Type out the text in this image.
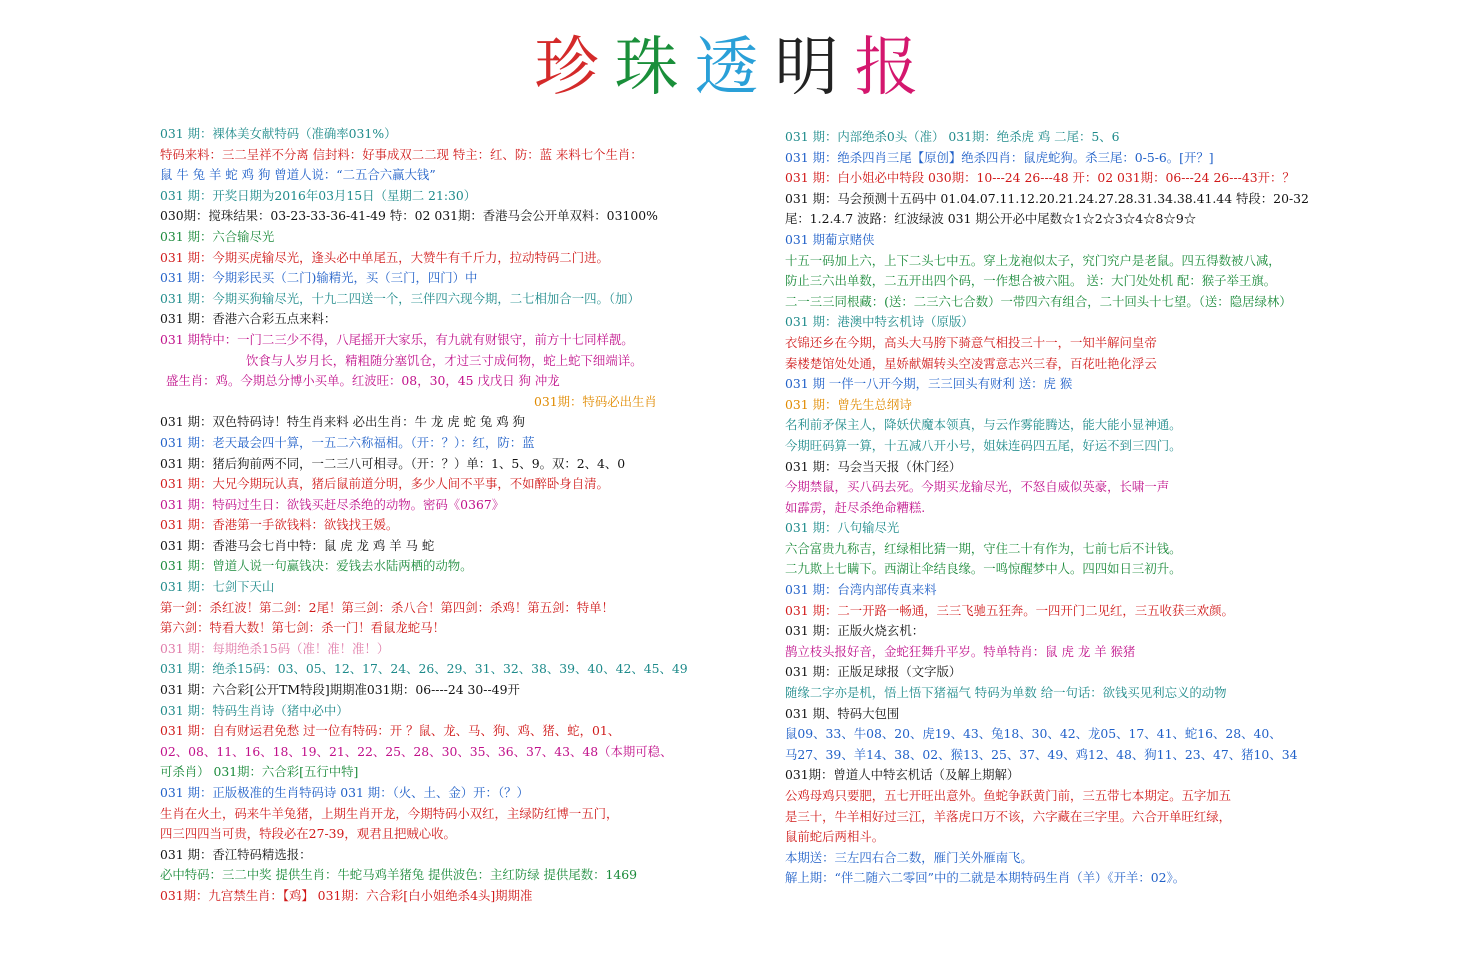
珍 珠 透 明 报
031 期：裸体美女献特码（准确率031%）
特码来料：三二呈祥不分离 信封料：好事成双二二现 特主：红、防：蓝 来料七个生肖：
鼠 牛 兔 羊 蛇 鸡 狗 曾道人说：“二五合六赢大钱”
031 期：开奖日期为2016年03月15日（星期二 21:30）
030期：搅珠结果：03-23-33-36-41-49 特：02 031期：香港马会公开单双料：03100%
031 期：六合输尽光
031 期：今期买虎输尽光，逢头必中单尾五，大赞牛有千斤力，拉动特码二门进。
031 期：今期彩民买（二门)输精光，买（三门，四门）中
031 期：今期买狗输尽光，十九二四送一个，三伴四六现今期，二七相加合一四。（加）
031 期：香港六合彩五点来料：
031 期特中：一门二三少不得，八尾摇开大家乐，有九就有财银守，前方十七同样靓。
饮食与人岁月长，精粗随分塞饥仓，才过三寸成何物，蛇上蛇下细端详。
盛生肖：鸡。今期总分博小买单。红波旺：08，30，45 戊戊日 狗 冲龙
031期：特码必出生肖
031 期：双色特码诗！特生肖来料 必出生肖：牛 龙 虎 蛇 兔 鸡 狗
031 期：老天最会四十算，一五二六称福相。（开：？）：红，防：蓝
031 期：猪后狗前两不同，一二三八可相寻。（开：？）单：1、5、9。双：2、4、0
031 期：大兄今期玩认真，猪后鼠前道分明，多少人间不平事，不如醉卧身自清。
031 期：特码过生日：欲钱买赶尽杀绝的动物。密码《0367》
031 期：香港第一手欲钱料：欲钱找王媛。
031 期：香港马会七肖中特：鼠 虎 龙 鸡 羊 马 蛇
031 期：曾道人说一句赢钱决：爱钱去水陆两栖的动物。
031 期：七剑下天山
第一剑：杀红波！第二剑：2尾！第三剑：杀八合！第四剑：杀鸡！第五剑：特单！
第六剑：特看大数！第七剑：杀一门！看鼠龙蛇马！
031 期：每期绝杀15码（准！准！准！）
031 期：绝杀15码：03、05、12、17、24、26、29、31、32、38、39、40、42、45、49
031 期：六合彩[公开TM特段]期期准031期：06----24 30--49开
031 期：特码生肖诗（猪中必中）
031 期：自有财运君免愁 过一位有特码：开 ？鼠、龙、马、狗、鸡、猪、蛇，01、
02、08、11、16、18、19、21、22、25、28、30、35、36、37、43、48（本期可稳、
可杀肖） 031期：六合彩[五行中特]
031 期：正版极准的生肖特码诗 031 期：（火、土、金）开：（？）
生肖在火土，码来牛羊兔猪，上期生肖开龙，今期特码小双红，主绿防红博一五门，
四三四四当可贵，特段必在27-39，观君且把贼心收。
031 期：香江特码精选报：
必中特码：三二中奖 提供生肖：牛蛇马鸡羊猪兔 提供波色：主红防绿 提供尾数：1469
031期：九宫禁生肖：【鸡】 031期：六合彩[白小姐绝杀4头]期期准
031 期：内部绝杀0头（准） 031期：绝杀虎 鸡 二尾：5、6
031 期：绝杀四肖三尾【原创】绝杀四肖：鼠虎蛇狗。杀三尾：0-5-6。[开？]
031 期：白小姐必中特段 030期：10---24 26---48 开：02 031期：06---24 26---43开：？
031 期：马会预测十五码中 01.04.07.11.12.20.21.24.27.28.31.34.38.41.44 特段：20-32
尾：1.2.4.7 波路：红波绿波 031 期公开必中尾数☆1☆2☆3☆4☆8☆9☆
031 期葡京赌侠
十五一码加上六，上下二头七中五。穿上龙袍似太子，究门究户是老鼠。四五得数被八减，
防止三六出单数，二五开出四个码，一作想合被六阻。 送：大门处处机 配：猴子举王旗。
二一三三同根藏：(送：二三六七合数）一带四六有组合，二十回头十七望。（送：隐居绿林）
031 期：港澳中特玄机诗（原版）
衣锦还乡在今期，高头大马胯下骑意气相投三十一，一知半解问皇帝
秦楼楚馆处处通，星娇献媚转头空凌霄意志兴三春，百花吐艳化浮云
031 期 一伴一八开今期，三三回头有财利 送：虎 猴
031 期：曾先生总纲诗
名利前矛保主人，降妖伏魔本领真，与云作雾能腾达，能大能小显神通。
今期旺码算一算，十五减八开小号，姐妹连码四五尾，好运不到三四门。
031 期：马会当天报（休门经）
今期禁鼠，买八码去死。今期买龙输尽光，不怒自威似英豪，长啸一声
如霹雳，赶尽杀绝命糟糕.
031 期：八句输尽光
六合富贵九称吉，红绿相比猜一期，守住二十有作为，七前七后不计钱。
二九欺上七瞒下。西湖让伞结良缘。一鸣惊醒梦中人。四四如日三初升。
031 期：台湾内部传真来料
031 期：二一开路一畅通，三三飞驰五狂奔。一四开门二见红，三五收获三欢颜。
031 期：正版火烧玄机：
鹊立枝头报好音，金蛇狂舞升平岁。特单特肖：鼠 虎 龙 羊 猴猪
031 期：正版足球报（文字版）
随缘二字亦是机，悟上悟下猪福气 特码为单数 给一句话：欲钱买见利忘义的动物
031 期、特码大包围
鼠09、33、牛08、20、虎19、43、兔18、30、42、龙05、17、41、蛇16、28、40、
马27、39、羊14、38、02、猴13、25、37、49、鸡12、48、狗11、23、47、猪10、34
031期：曾道人中特玄机话（及解上期解）
公鸡母鸡只要肥，五七开旺出意外。鱼蛇争跃黄门前，三五带七本期定。五字加五
是三十，牛羊相好过三江，羊落虎口万不该，六字藏在三字里。六合开单旺红绿，
鼠前蛇后两相斗。
本期送：三左四右合二数，雁门关外雁南飞。
解上期：“伴二随六二零回”中的二就是本期特码生肖（羊）《开羊：02》。
